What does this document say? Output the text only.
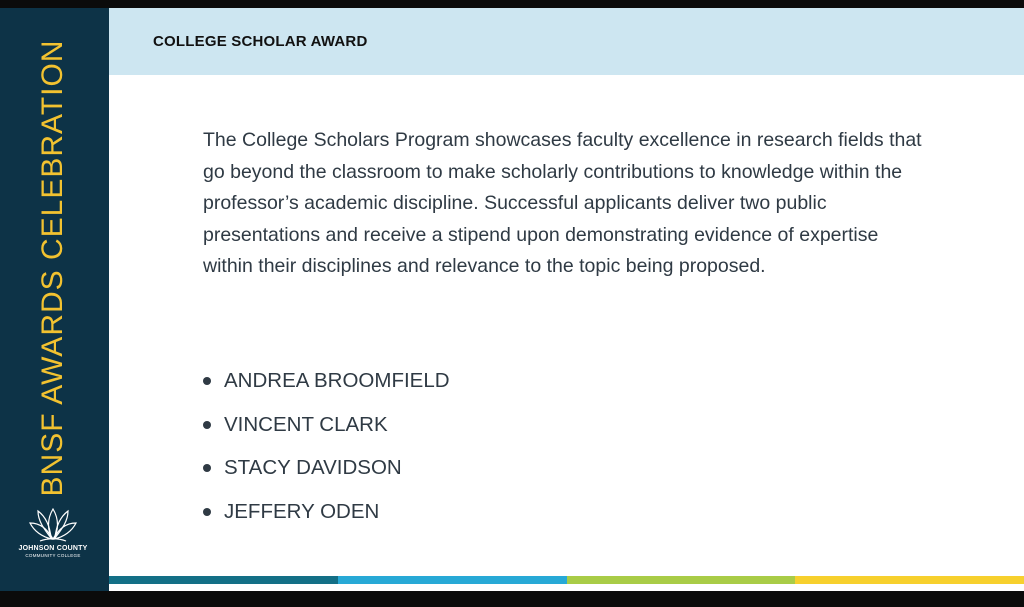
BNSF AWARDS CELEBRATION
JOHNSON COUNTY
COMMUNITY COLLEGE
COLLEGE SCHOLAR AWARD
The College Scholars Program showcases faculty excellence in research fields that go beyond the classroom to make scholarly contributions to knowledge within the professor’s academic discipline. Successful applicants deliver two public presentations and receive a stipend upon demonstrating evidence of expertise within their disciplines and relevance to the topic being proposed.
ANDREA BROOMFIELD
VINCENT CLARK
STACY DAVIDSON
JEFFERY ODEN
